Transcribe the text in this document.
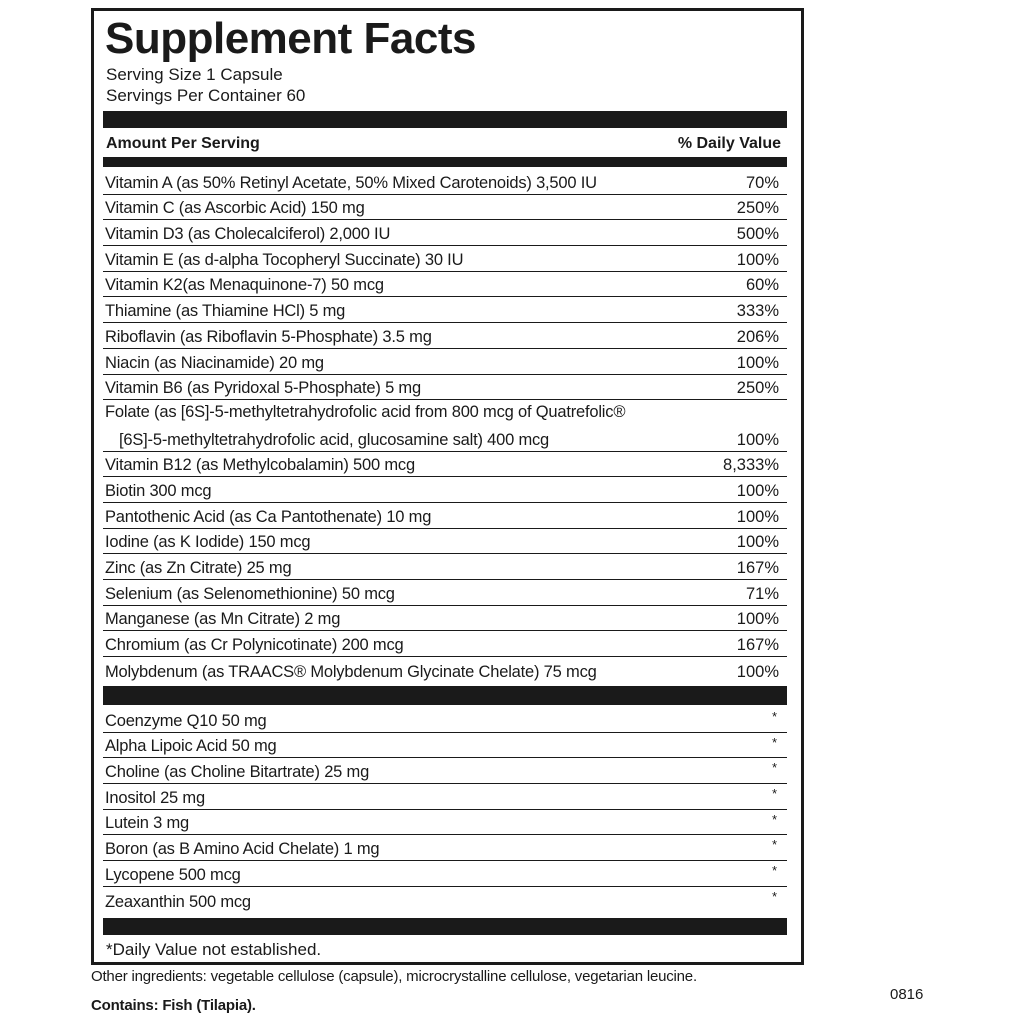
Supplement Facts
Serving Size 1 Capsule
Servings Per Container 60
Amount Per Serving	% Daily Value
Vitamin A (as 50% Retinyl Acetate, 50% Mixed Carotenoids) 3,500 IU	70%
Vitamin C (as Ascorbic Acid) 150 mg	250%
Vitamin D3 (as Cholecalciferol) 2,000 IU	500%
Vitamin E (as d-alpha Tocopheryl Succinate) 30 IU	100%
Vitamin K2(as Menaquinone-7) 50 mcg	60%
Thiamine (as Thiamine HCl) 5 mg	333%
Riboflavin (as Riboflavin 5-Phosphate) 3.5 mg	206%
Niacin (as Niacinamide) 20 mg	100%
Vitamin B6 (as Pyridoxal 5-Phosphate) 5 mg	250%
Folate (as [6S]-5-methyltetrahydrofolic acid from 800 mcg of Quatrefolic®
[6S]-5-methyltetrahydrofolic acid, glucosamine salt) 400 mcg	100%
Vitamin B12 (as Methylcobalamin) 500 mcg	8,333%
Biotin 300 mcg	100%
Pantothenic Acid (as Ca Pantothenate) 10 mg	100%
Iodine (as K Iodide) 150 mcg	100%
Zinc (as Zn Citrate) 25 mg	167%
Selenium (as Selenomethionine) 50 mcg	71%
Manganese (as Mn Citrate) 2 mg	100%
Chromium (as Cr Polynicotinate) 200 mcg	167%
Molybdenum (as TRAACS® Molybdenum Glycinate Chelate) 75 mcg	100%
Coenzyme Q10 50 mg	*
Alpha Lipoic Acid 50 mg	*
Choline (as Choline Bitartrate) 25 mg	*
Inositol 25 mg	*
Lutein 3 mg	*
Boron (as B Amino Acid Chelate) 1 mg	*
Lycopene 500 mcg	*
Zeaxanthin 500 mcg	*
*Daily Value not established.
Other ingredients: vegetable cellulose (capsule), microcrystalline cellulose, vegetarian leucine.
Contains: Fish (Tilapia).
0816
